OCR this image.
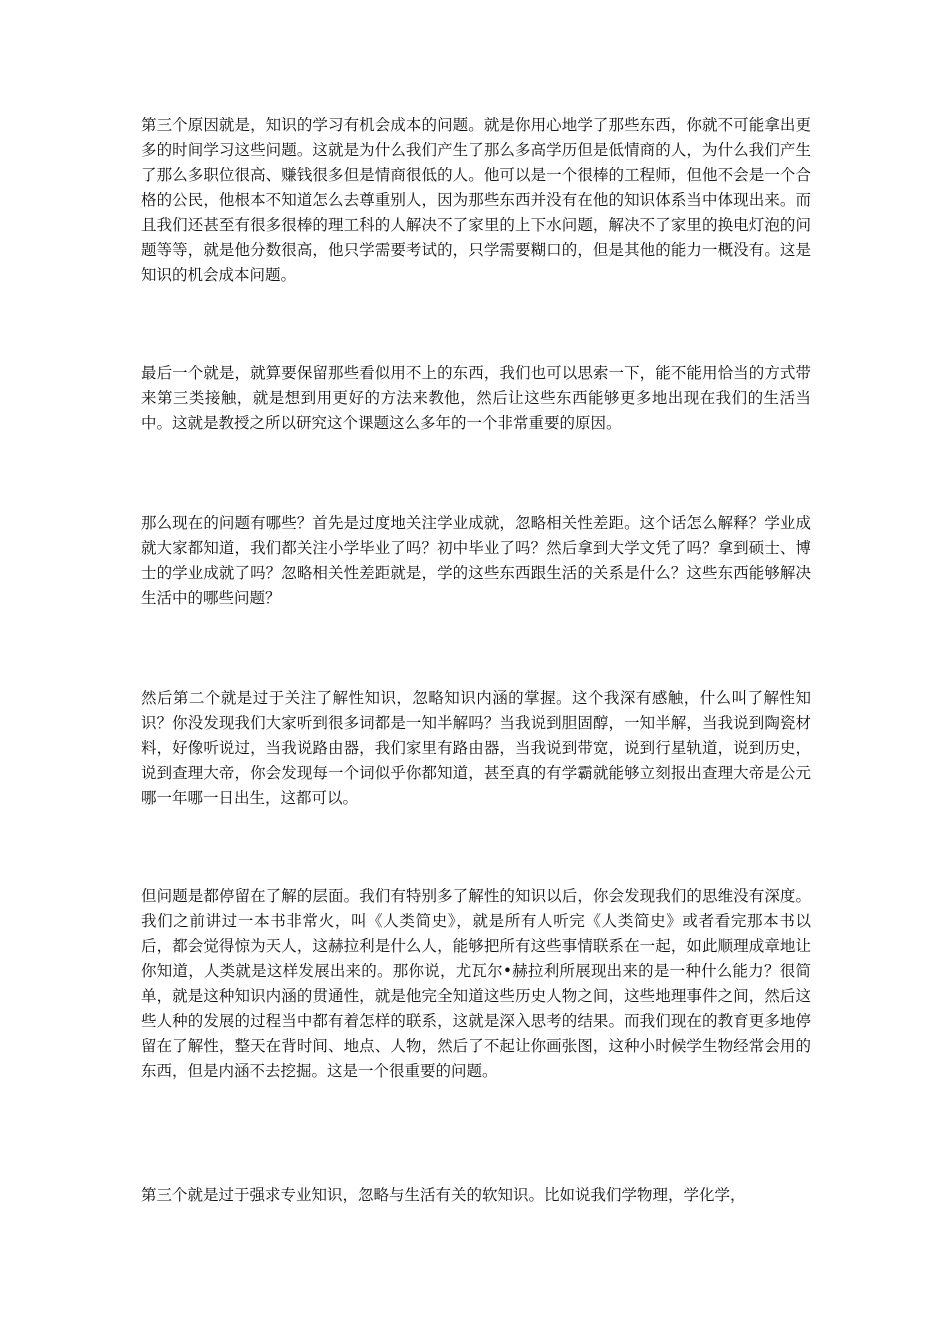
第三个原因就是，知识的学习有机会成本的问题。就是你用心地学了那些东西，你就不可能拿出更多的时间学习这些问题。这就是为什么我们产生了那么多高学历但是低情商的人，为什么我们产生了那么多职位很高、赚钱很多但是情商很低的人。他可以是一个很棒的工程师，但他不会是一个合格的公民，他根本不知道怎么去尊重别人，因为那些东西并没有在他的知识体系当中体现出来。而且我们还甚至有很多很棒的理工科的人解决不了家里的上下水问题，解决不了家里的换电灯泡的问题等等，就是他分数很高，他只学需要考试的，只学需要糊口的，但是其他的能力一概没有。这是知识的机会成本问题。

最后一个就是，就算要保留那些看似用不上的东西，我们也可以思索一下，能不能用恰当的方式带来第三类接触，就是想到用更好的方法来教他，然后让这些东西能够更多地出现在我们的生活当中。这就是教授之所以研究这个课题这么多年的一个非常重要的原因。

那么现在的问题有哪些？首先是过度地关注学业成就，忽略相关性差距。这个话怎么解释？学业成就大家都知道，我们都关注小学毕业了吗？初中毕业了吗？然后拿到大学文凭了吗？拿到硕士、博士的学业成就了吗？忽略相关性差距就是，学的这些东西跟生活的关系是什么？这些东西能够解决生活中的哪些问题？

然后第二个就是过于关注了解性知识，忽略知识内涵的掌握。这个我深有感触，什么叫了解性知识？你没发现我们大家听到很多词都是一知半解吗？当我说到胆固醇，一知半解，当我说到陶瓷材料，好像听说过，当我说路由器，我们家里有路由器，当我说到带宽，说到行星轨道，说到历史，说到查理大帝，你会发现每一个词似乎你都知道，甚至真的有学霸就能够立刻报出查理大帝是公元哪一年哪一日出生，这都可以。

但问题是都停留在了解的层面。我们有特别多了解性的知识以后，你会发现我们的思维没有深度。我们之前讲过一本书非常火，叫《人类简史》，就是所有人听完《人类简史》或者看完那本书以后，都会觉得惊为天人，这赫拉利是什么人，能够把所有这些事情联系在一起，如此顺理成章地让你知道，人类就是这样发展出来的。那你说，尤瓦尔•赫拉利所展现出来的是一种什么能力？很简单，就是这种知识内涵的贯通性，就是他完全知道这些历史人物之间，这些地理事件之间，然后这些人种的发展的过程当中都有着怎样的联系，这就是深入思考的结果。而我们现在的教育更多地停留在了解性，整天在背时间、地点、人物，然后了不起让你画张图，这种小时候学生物经常会用的东西，但是内涵不去挖掘。这是一个很重要的问题。

第三个就是过于强求专业知识，忽略与生活有关的软知识。比如说我们学物理，学化学，
